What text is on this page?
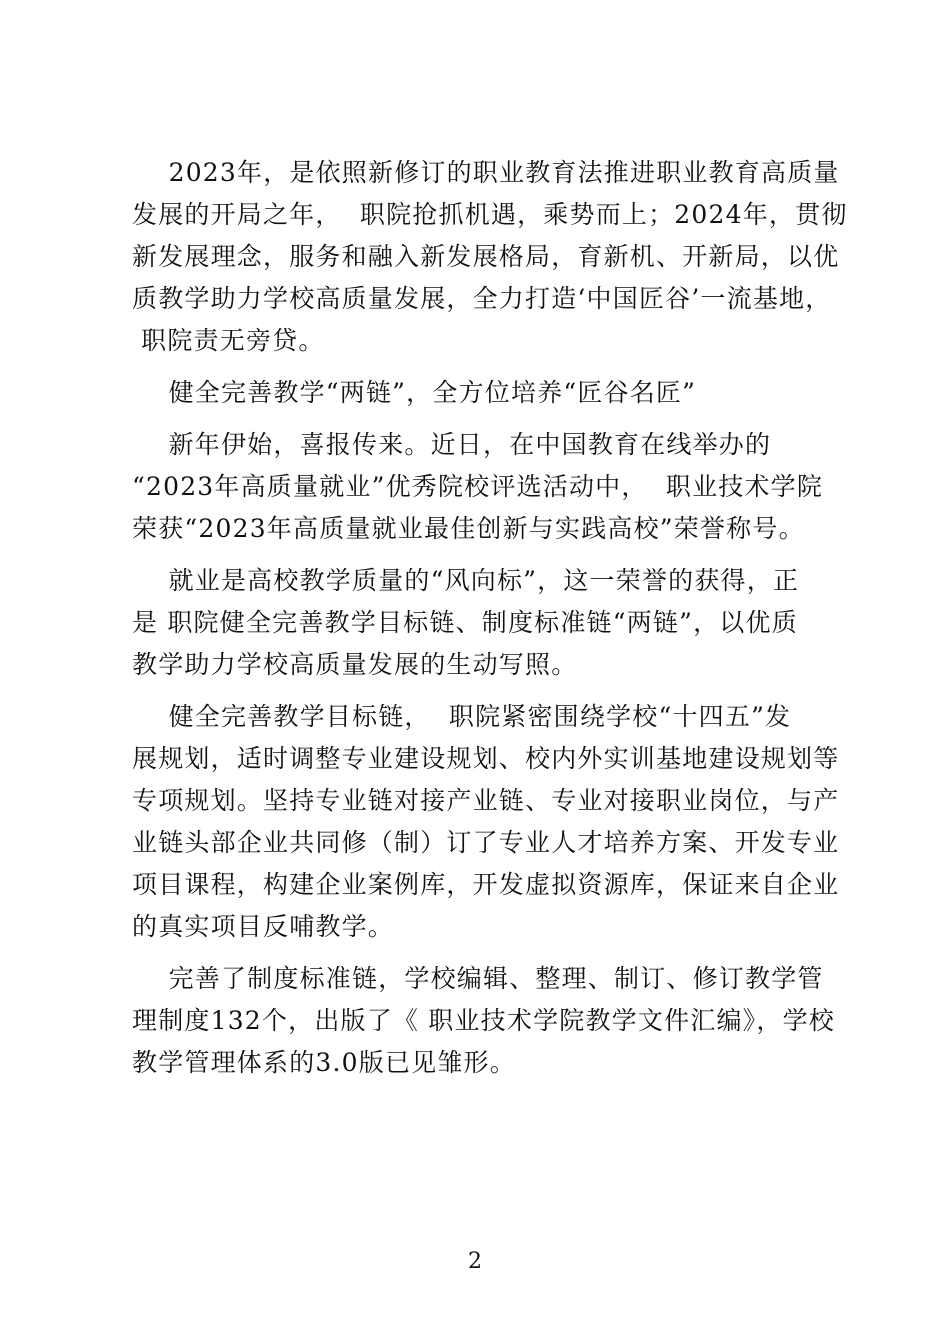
2023年，是依照新修订的职业教育法推进职业教育高质量
发展的开局之年，  职院抢抓机遇，乘势而上；2024年，贯彻
新发展理念，服务和融入新发展格局，育新机、开新局，以优
质教学助力学校高质量发展，全力打造‘中国匠谷’一流基地，
职院责无旁贷。
健全完善教学“两链”，全方位培养“匠谷名匠”
新年伊始，喜报传来。近日，在中国教育在线举办的
“2023年高质量就业”优秀院校评选活动中，  职业技术学院
荣获“2023年高质量就业最佳创新与实践高校”荣誉称号。
就业是高校教学质量的“风向标”，这一荣誉的获得，正
是 职院健全完善教学目标链、制度标准链“两链”，以优质
教学助力学校高质量发展的生动写照。
健全完善教学目标链，  职院紧密围绕学校“十四五”发
展规划，适时调整专业建设规划、校内外实训基地建设规划等
专项规划。坚持专业链对接产业链、专业对接职业岗位，与产
业链头部企业共同修（制）订了专业人才培养方案、开发专业
项目课程，构建企业案例库，开发虚拟资源库，保证来自企业
的真实项目反哺教学。
完善了制度标准链，学校编辑、整理、制订、修订教学管
理制度132个，出版了《 职业技术学院教学文件汇编》，学校
教学管理体系的3.0版已见雏形。
2
